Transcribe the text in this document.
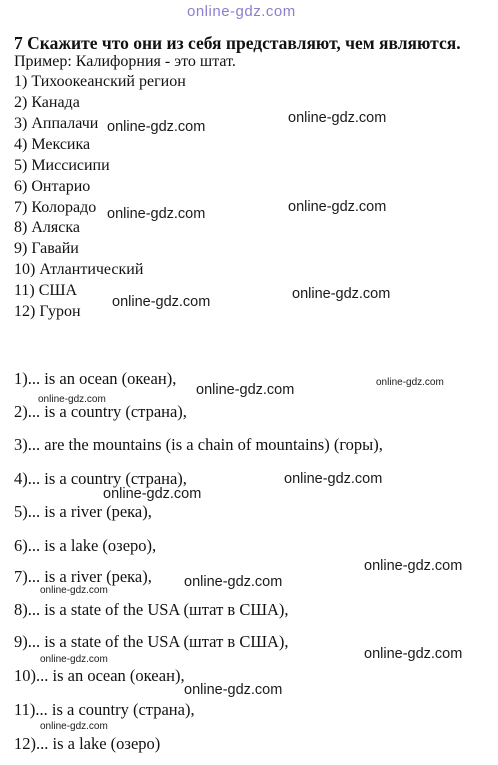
online-gdz.com
7 Скажите что они из себя представляют, чем являются.
Пример: Калифорния - это штат.
1) Тихоокеанский регион
2) Канада
3) Аппалачи
4) Мексика
5) Миссисипи
6) Онтарио
7) Колорадо
8) Аляска
9) Гавайи
10) Атлантический
11) США
12) Гурон
1)... is an ocean (океан),
2)... is a country (страна),
3)... are the mountains (is a chain of mountains) (горы),
4)... is a country (страна),
5)... is a river (река),
6)... is a lake (озеро),
7)... is a river (река),
8)... is a state of the USA (штат в США),
9)... is a state of the USA (штат в США),
10)... is an ocean (океан),
11)... is a country (страна),
12)... is a lake (озеро)
online-gdz.com
online-gdz.com
online-gdz.com	online-gdz.com
online-gdz.com	online-gdz.com
online-gdz.com
online-gdz.com
online-gdz.com
online-gdz.com
online-gdz.com
online-gdz.com
online-gdz.com
online-gdz.com
online-gdz.com
online-gdz.com
online-gdz.com
online-gdz.com
